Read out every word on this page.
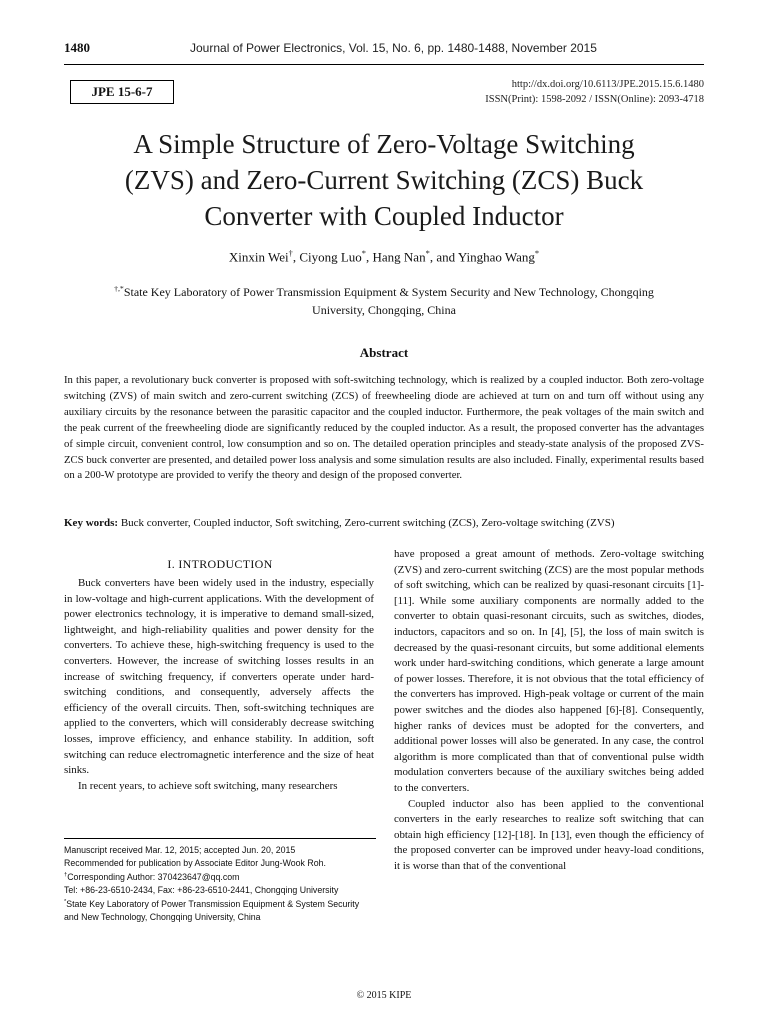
1480	Journal of Power Electronics, Vol. 15, No. 6, pp. 1480-1488, November 2015
JPE 15-6-7	http://dx.doi.org/10.6113/JPE.2015.15.6.1480
ISSN(Print): 1598-2092 / ISSN(Online): 2093-4718
A Simple Structure of Zero-Voltage Switching
(ZVS) and Zero-Current Switching (ZCS) Buck
Converter with Coupled Inductor
Xinxin Wei†, Ciyong Luo*, Hang Nan*, and Yinghao Wang*
†,*State Key Laboratory of Power Transmission Equipment & System Security and New Technology, Chongqing
University, Chongqing, China
Abstract
In this paper, a revolutionary buck converter is proposed with soft-switching technology, which is realized by a coupled inductor. Both zero-voltage switching (ZVS) of main switch and zero-current switching (ZCS) of freewheeling diode are achieved at turn on and turn off without using any auxiliary circuits by the resonance between the parasitic capacitor and the coupled inductor. Furthermore, the peak voltages of the main switch and the peak current of the freewheeling diode are significantly reduced by the coupled inductor. As a result, the proposed converter has the advantages of simple circuit, convenient control, low consumption and so on. The detailed operation principles and steady-state analysis of the proposed ZVS-ZCS buck converter are presented, and detailed power loss analysis and some simulation results are also included. Finally, experimental results based on a 200-W prototype are provided to verify the theory and design of the proposed converter.
Key words: Buck converter, Coupled inductor, Soft switching, Zero-current switching (ZCS), Zero-voltage switching (ZVS)
I. INTRODUCTION

Buck converters have been widely used in the industry, especially in low-voltage and high-current applications. With the development of power electronics technology, it is imperative to demand small-sized, lightweight, and high-reliability qualities and power density for the converters. To achieve these, high-switching frequency is used to the converters. However, the increase of switching losses results in an increase of switching frequency, if converters operate under hard-switching conditions, and consequently, adversely affects the efficiency of the overall circuits. Then, soft-switching techniques are applied to the converters, which will considerably decrease switching losses, improve efficiency, and enhance stability. In addition, soft switching can reduce electromagnetic interference and the size of heat sinks.

In recent years, to achieve soft switching, many researchers

have proposed a great amount of methods. Zero-voltage switching (ZVS) and zero-current switching (ZCS) are the most popular methods of soft switching, which can be realized by quasi-resonant circuits [1]-[11]. While some auxiliary components are normally added to the converter to obtain quasi-resonant circuits, such as switches, diodes, inductors, capacitors and so on. In [4], [5], the loss of main switch is decreased by the quasi-resonant circuits, but some additional elements work under hard-switching conditions, which generate a large amount of power losses. Therefore, it is not obvious that the total efficiency of the converters has improved. High-peak voltage or current of the main power switches and the diodes also happened [6]-[8]. Consequently, higher ranks of devices must be adopted for the converters, and additional power losses will also be generated. In any case, the control algorithm is more complicated than that of conventional pulse width modulation converters because of the auxiliary switches being added to the converters.

Coupled inductor also has been applied to the conventional converters in the early researches to realize soft switching that can obtain high efficiency [12]-[18]. In [13], even though the efficiency of the proposed converter can be improved under heavy-load conditions, it is worse than that of the conventional

Manuscript received Mar. 12, 2015; accepted Jun. 20, 2015
Recommended for publication by Associate Editor Jung-Wook Roh.
†Corresponding Author: 370423647@qq.com
Tel: +86-23-6510-2434, Fax: +86-23-6510-2441, Chongqing University
*State Key Laboratory of Power Transmission Equipment & System Security and New Technology, Chongqing University, China
© 2015 KIPE
